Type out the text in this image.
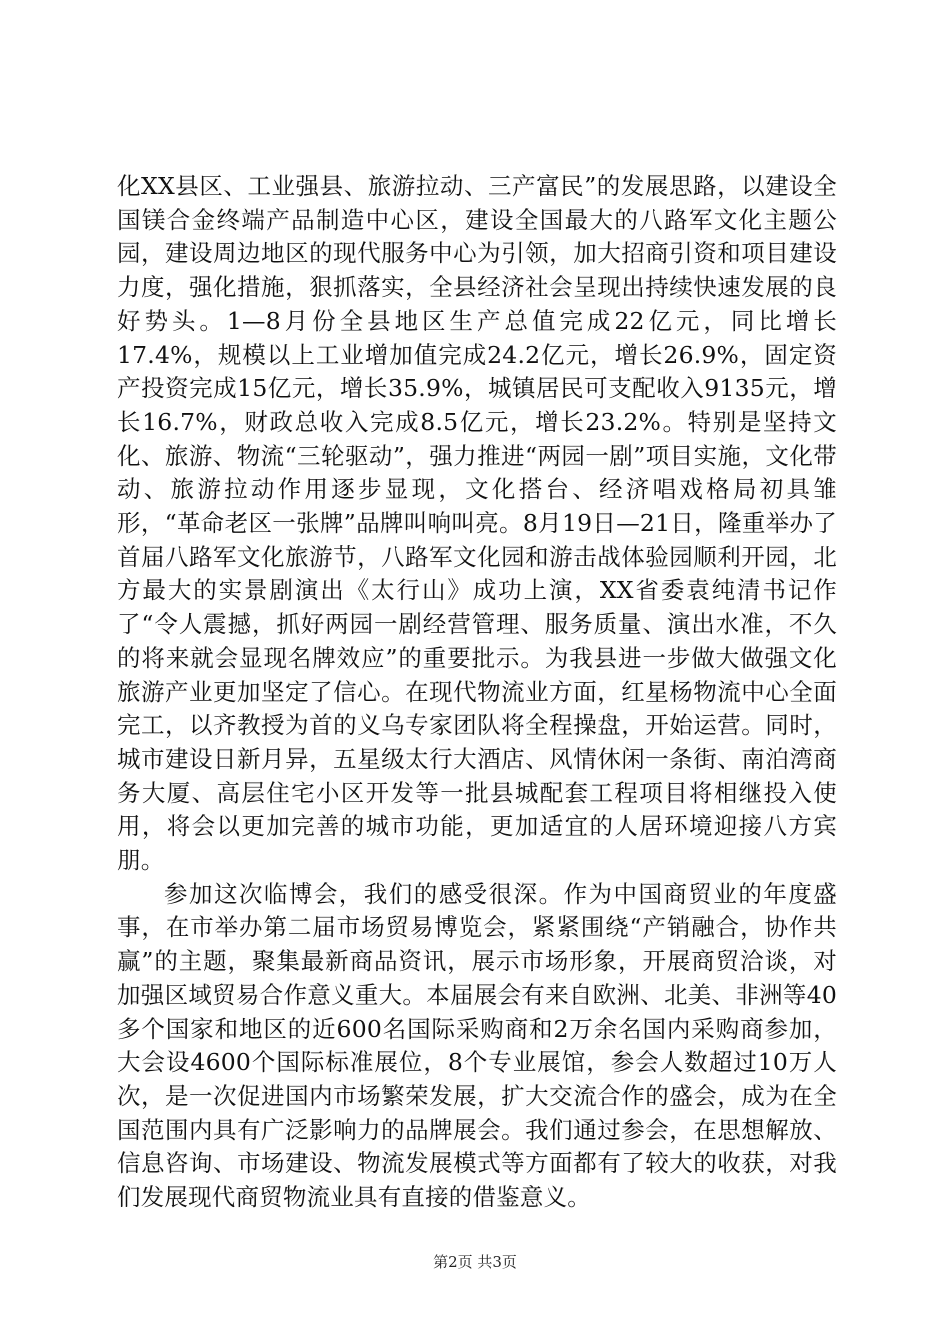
化XX县区、工业强县、旅游拉动、三产富民”的发展思路，以建设全国镁合金终端产品制造中心区，建设全国最大的八路军文化主题公园，建设周边地区的现代服务中心为引领，加大招商引资和项目建设力度，强化措施，狠抓落实，全县经济社会呈现出持续快速发展的良好势头。1—8月份全县地区生产总值完成22亿元，同比增长17.4%，规模以上工业增加值完成24.2亿元，增长26.9%，固定资产投资完成15亿元，增长35.9%，城镇居民可支配收入9135元，增长16.7%，财政总收入完成8.5亿元，增长23.2%。特别是坚持文化、旅游、物流“三轮驱动”，强力推进“两园一剧”项目实施，文化带动、旅游拉动作用逐步显现，文化搭台、经济唱戏格局初具雏形，“革命老区一张牌”品牌叫响叫亮。8月19日—21日，隆重举办了首届八路军文化旅游节，八路军文化园和游击战体验园顺利开园，北方最大的实景剧演出《太行山》成功上演，XX省委袁纯清书记作了“令人震撼，抓好两园一剧经营管理、服务质量、演出水准，不久的将来就会显现名牌效应”的重要批示。为我县进一步做大做强文化旅游产业更加坚定了信心。在现代物流业方面，红星杨物流中心全面完工，以齐教授为首的义乌专家团队将全程操盘，开始运营。同时，城市建设日新月异，五星级太行大酒店、风情休闲一条街、南泊湾商务大厦、高层住宅小区开发等一批县城配套工程项目将相继投入使用，将会以更加完善的城市功能，更加适宜的人居环境迎接八方宾朋。

参加这次临博会，我们的感受很深。作为中国商贸业的年度盛事，在市举办第二届市场贸易博览会，紧紧围绕“产销融合，协作共赢”的主题，聚集最新商品资讯，展示市场形象，开展商贸洽谈，对加强区域贸易合作意义重大。本届展会有来自欧洲、北美、非洲等40多个国家和地区的近600名国际采购商和2万余名国内采购商参加，大会设4600个国际标准展位，8个专业展馆，参会人数超过10万人次，是一次促进国内市场繁荣发展，扩大交流合作的盛会，成为在全国范围内具有广泛影响力的品牌展会。我们通过参会，在思想解放、信息咨询、市场建设、物流发展模式等方面都有了较大的收获，对我们发展现代商贸物流业具有直接的借鉴意义。

第2页 共3页
